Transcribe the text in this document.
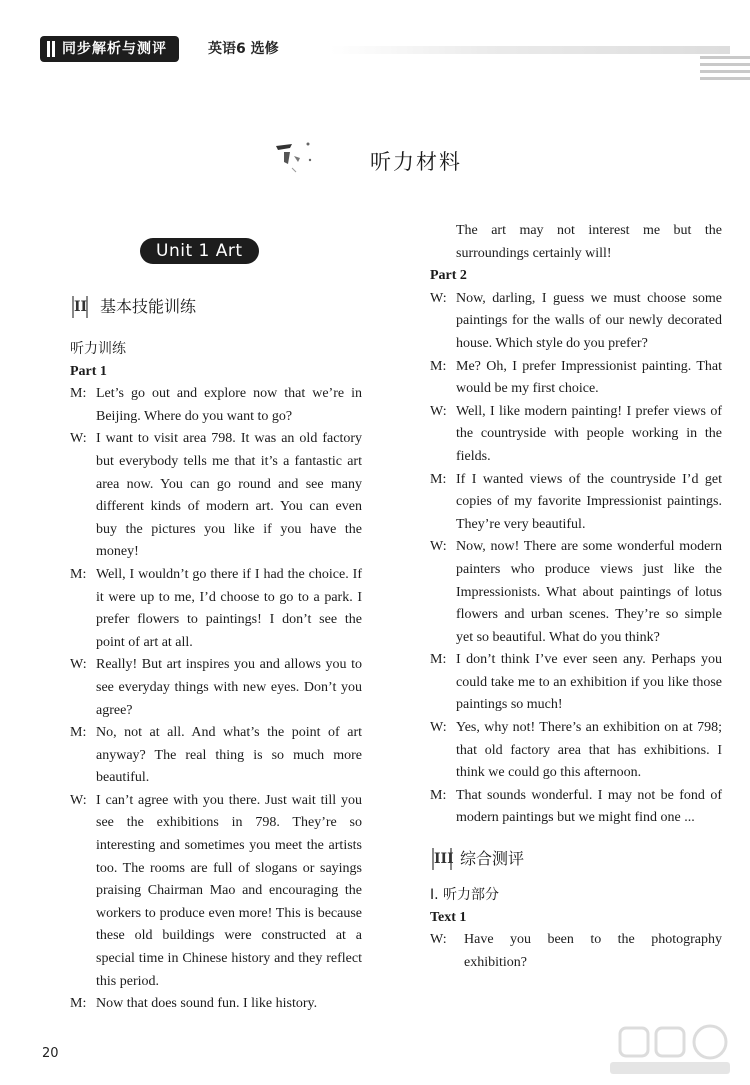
同步解析与测评	英语6 选修
听力材料
Unit 1 Art
II 基本技能训练

听力训练

Part 1

M: Let’s go out and explore now that we’re in Beijing. Where do you want to go?
W: I want to visit area 798. It was an old factory but everybody tells me that it’s a fantastic art area now. You can go round and see many different kinds of modern art. You can even buy the pictures you like if you have the money!
M: Well, I wouldn’t go there if I had the choice. If it were up to me, I’d choose to go to a park. I prefer flowers to paintings! I don’t see the point of art at all.
W: Really! But art inspires you and allows you to see everyday things with new eyes. Don’t you agree?
M: No, not at all. And what’s the point of art anyway? The real thing is so much more beautiful.
W: I can’t agree with you there. Just wait till you see the exhibitions in 798. They’re so interesting and sometimes you meet the artists too. The rooms are full of slogans or sayings praising Chairman Mao and encouraging the workers to produce even more! This is because these old buildings were constructed at a special time in Chinese history and they reflect this period.
M: Now that does sound fun. I like history.

The art may not interest me but the surroundings certainly will!

Part 2

W: Now, darling, I guess we must choose some paintings for the walls of our newly decorated house. Which style do you prefer?
M: Me? Oh, I prefer Impressionist painting. That would be my first choice.
W: Well, I like modern painting! I prefer views of the countryside with people working in the fields.
M: If I wanted views of the countryside I’d get copies of my favorite Impressionist paintings. They’re very beautiful.
W: Now, now! There are some wonderful modern painters who produce views just like the Impressionists. What about paintings of lotus flowers and urban scenes. They’re so simple yet so beautiful. What do you think?
M: I don’t think I’ve ever seen any. Perhaps you could take me to an exhibition if you like those paintings so much!
W: Yes, why not! There’s an exhibition on at 798; that old factory area that has exhibitions. I think we could go this afternoon.
M: That sounds wonderful. I may not be fond of modern paintings but we might find one ...
III 综合测评

Ⅰ. 听力部分

Text 1

W:	Have you been to the photography exhibition?
20
